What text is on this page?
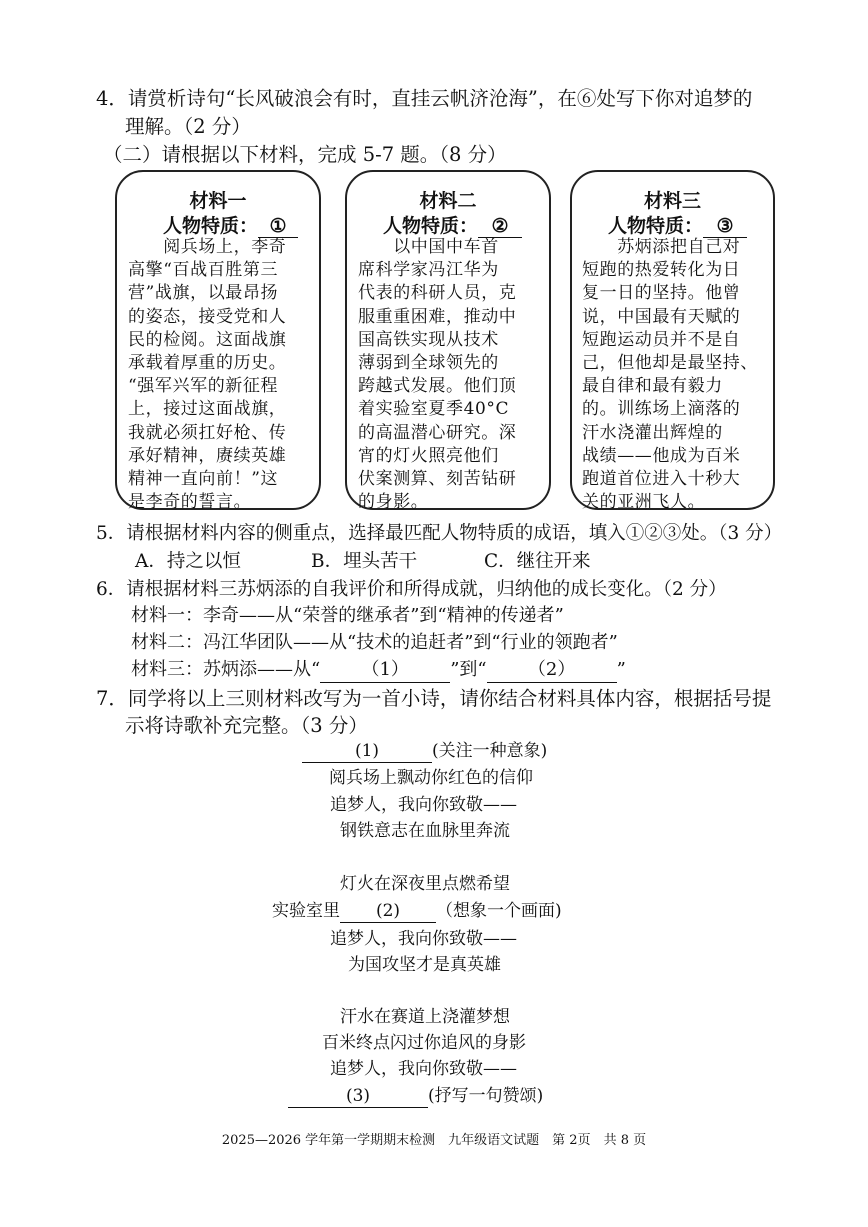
4．请赏析诗句“长风破浪会有时，直挂云帆济沧海”，在⑥处写下你对追梦的
理解。（2 分）
（二）请根据以下材料，完成 5-7 题。（8 分）
材料一
人物特质： ①
　　阅兵场上，李奇
高擎“百战百胜第三
营”战旗，以最昂扬
的姿态，接受党和人
民的检阅。这面战旗
承载着厚重的历史。
“强军兴军的新征程
上，接过这面战旗，
我就必须扛好枪、传
承好精神，赓续英雄
精神一直向前！”这
是李奇的誓言。
材料二
人物特质： ②
　　以中国中车首
席科学家冯江华为
代表的科研人员，克
服重重困难，推动中
国高铁实现从技术
薄弱到全球领先的
跨越式发展。他们顶
着实验室夏季40°C
的高温潜心研究。深
宵的灯火照亮他们
伏案测算、刻苦钻研
的身影。
材料三
人物特质： ③
　　苏炳添把自己对
短跑的热爱转化为日
复一日的坚持。他曾
说，中国最有天赋的
短跑运动员并不是自
己，但他却是最坚持、
最自律和最有毅力
的。训练场上滴落的
汗水浇灌出辉煌的
战绩——他成为百米
跑道首位进入十秒大
关的亚洲飞人。
5．请根据材料内容的侧重点，选择最匹配人物特质的成语，填入①②③处。（3 分）
A．持之以恒	B．埋头苦干	C．继往开来
6．请根据材料三苏炳添的自我评价和所得成就，归纳他的成长变化。（2 分）
材料一：李奇——从“荣誉的继承者”到“精神的传递者”
材料二：冯江华团队——从“技术的追赶者”到“行业的领跑者”
材料三：苏炳添——从“ （1） ”到“ （2） ”
7．同学将以上三则材料改写为一首小诗，请你结合材料具体内容，根据括号提
示将诗歌补充完整。（3 分）
(1)	(关注一种意象)
阅兵场上飘动你红色的信仰
追梦人，我向你致敬——
钢铁意志在血脉里奔流
灯火在深夜里点燃希望
实验室里 (2) （想象一个画面)
追梦人，我向你致敬——
为国攻坚才是真英雄
汗水在赛道上浇灌梦想
百米终点闪过你追风的身影
追梦人，我向你致敬——
(3)	(抒写一句赞颂)
2025—2026 学年第一学期期末检测　九年级语文试题　第 2页　共 8 页
